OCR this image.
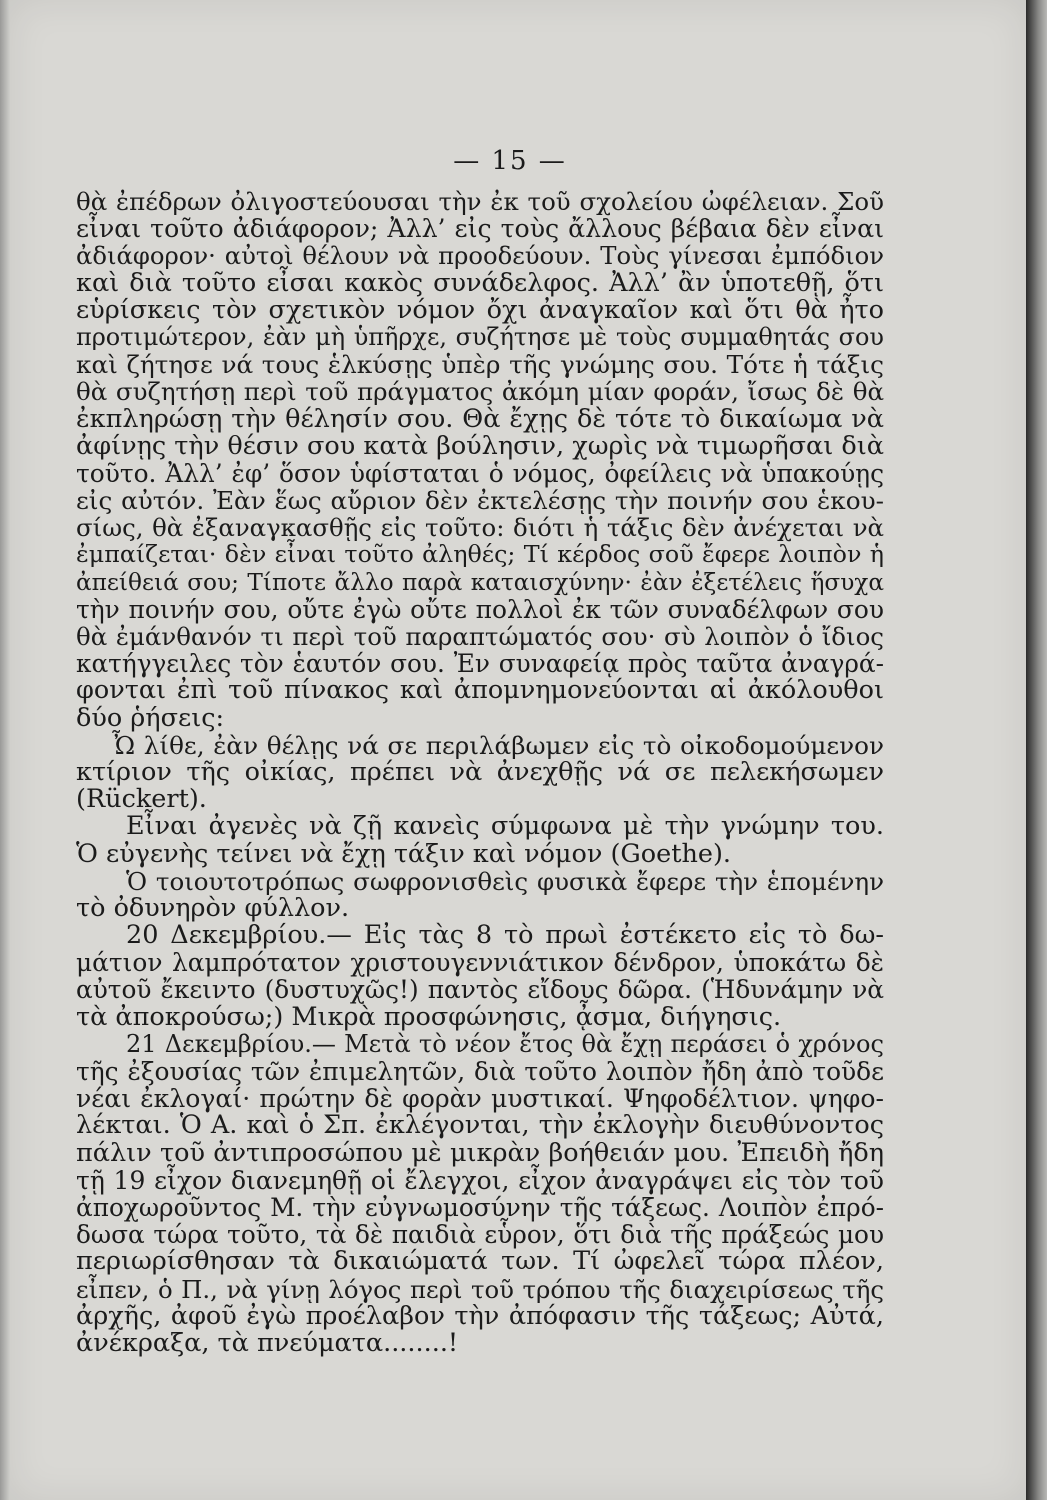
— 15 —
θὰ ἐπέδρων ὀλιγοστεύουσαι τὴν ἐκ τοῦ σχολείου ὠφέλειαν. Σοῦ
εἶναι τοῦτο ἀδιάφορον; Ἀλλ’ εἰς τοὺς ἄλλους βέβαια δὲν εἶναι
ἀδιάφορον· αὐτοὶ θέλουν νὰ προοδεύουν. Τοὺς γίνεσαι ἐμπόδιον
καὶ διὰ τοῦτο εἶσαι κακὸς συνάδελφος. Ἀλλ’ ἂν ὑποτεθῇ, ὅτι
εὑρίσκεις τὸν σχετικὸν νόμον ὄχι ἀναγκαῖον καὶ ὅτι θὰ ἦτο
προτιμώτερον, ἐὰν μὴ ὑπῆρχε, συζήτησε μὲ τοὺς συμμαθητάς σου
καὶ ζήτησε νά τους ἑλκύσῃς ὑπὲρ τῆς γνώμης σου. Τότε ἡ τάξις
θὰ συζητήσῃ περὶ τοῦ πράγματος ἀκόμη μίαν φοράν, ἴσως δὲ θὰ
ἐκπληρώσῃ τὴν θέλησίν σου. Θὰ ἔχῃς δὲ τότε τὸ δικαίωμα νὰ
ἀφίνῃς τὴν θέσιν σου κατὰ βούλησιν, χωρὶς νὰ τιμωρῆσαι διὰ
τοῦτο. Ἀλλ’ ἐφ’ ὅσον ὑφίσταται ὁ νόμος, ὀφείλεις νὰ ὑπακούῃς
εἰς αὐτόν. Ἐὰν ἕως αὔριον δὲν ἐκτελέσῃς τὴν ποινήν σου ἑκου-
σίως, θὰ ἐξαναγκασθῇς εἰς τοῦτο: διότι ἡ τάξις δὲν ἀνέχεται νὰ
ἐμπαίζεται· δὲν εἶναι τοῦτο ἀληθές; Τί κέρδος σοῦ ἔφερε λοιπὸν ἡ
ἀπείθειά σου; Τίποτε ἄλλο παρὰ καταισχύνην· ἐὰν ἐξετέλεις ἥσυχα
τὴν ποινήν σου, οὔτε ἐγὼ οὔτε πολλοὶ ἐκ τῶν συναδέλφων σου
θὰ ἐμάνθανόν τι περὶ τοῦ παραπτώματός σου· σὺ λοιπὸν ὁ ἴδιος
κατήγγειλες τὸν ἑαυτόν σου. Ἐν συναφείᾳ πρὸς ταῦτα ἀναγρά-
φονται ἐπὶ τοῦ πίνακος καὶ ἀπομνημονεύονται αἱ ἀκόλουθοι
δύο ῥήσεις:
Ὦ λίθε, ἐὰν θέλῃς νά σε περιλάβωμεν εἰς τὸ οἰκοδομούμενον
κτίριον τῆς οἰκίας, πρέπει νὰ ἀνεχθῇς νά σε πελεκήσωμεν
(Rückert).
Εἶναι ἀγενὲς νὰ ζῇ κανεὶς σύμφωνα μὲ τὴν γνώμην του.
Ὁ εὐγενὴς τείνει νὰ ἔχῃ τάξιν καὶ νόμον (Goethe).
Ὁ τοιουτοτρόπως σωφρονισθεὶς φυσικὰ ἔφερε τὴν ἑπομένην
τὸ ὀδυνηρὸν φύλλον.
20 Δεκεμβρίου.— Εἰς τὰς 8 τὸ πρωὶ ἐστέκετο εἰς τὸ δω-
μάτιον λαμπρότατον χριστουγεννιάτικον δένδρον, ὑποκάτω δὲ
αὐτοῦ ἔκειντο (δυστυχῶς!) παντὸς εἴδους δῶρα. (Ἡδυνάμην νὰ
τὰ ἀποκρούσω;) Μικρὰ προσφώνησις, ᾆσμα, διήγησις.
21 Δεκεμβρίου.— Μετὰ τὸ νέον ἔτος θὰ ἔχῃ περάσει ὁ χρόνος
τῆς ἐξουσίας τῶν ἐπιμελητῶν, διὰ τοῦτο λοιπὸν ἤδη ἀπὸ τοῦδε
νέαι ἐκλογαί· πρώτην δὲ φορὰν μυστικαί. Ψηφοδέλτιον. ψηφο-
λέκται. Ὁ Α. καὶ ὁ Σπ. ἐκλέγονται, τὴν ἐκλογὴν διευθύνοντος
πάλιν τοῦ ἀντιπροσώπου μὲ μικρὰν βοήθειάν μου. Ἐπειδὴ ἤδη
τῇ 19 εἶχον διανεμηθῇ οἱ ἔλεγχοι, εἶχον ἀναγράψει εἰς τὸν τοῦ
ἀποχωροῦντος Μ. τὴν εὐγνωμοσύνην τῆς τάξεως. Λοιπὸν ἐπρό-
δωσα τώρα τοῦτο, τὰ δὲ παιδιὰ εὗρον, ὅτι διὰ τῆς πράξεώς μου
περιωρίσθησαν τὰ δικαιώματά των. Τί ὠφελεῖ τώρα πλέον,
εἶπεν, ὁ Π., νὰ γίνῃ λόγος περὶ τοῦ τρόπου τῆς διαχειρίσεως τῆς
ἀρχῆς, ἀφοῦ ἐγὼ προέλαβον τὴν ἀπόφασιν τῆς τάξεως; Αὐτά,
ἀνέκραξα, τὰ πνεύματα........!
